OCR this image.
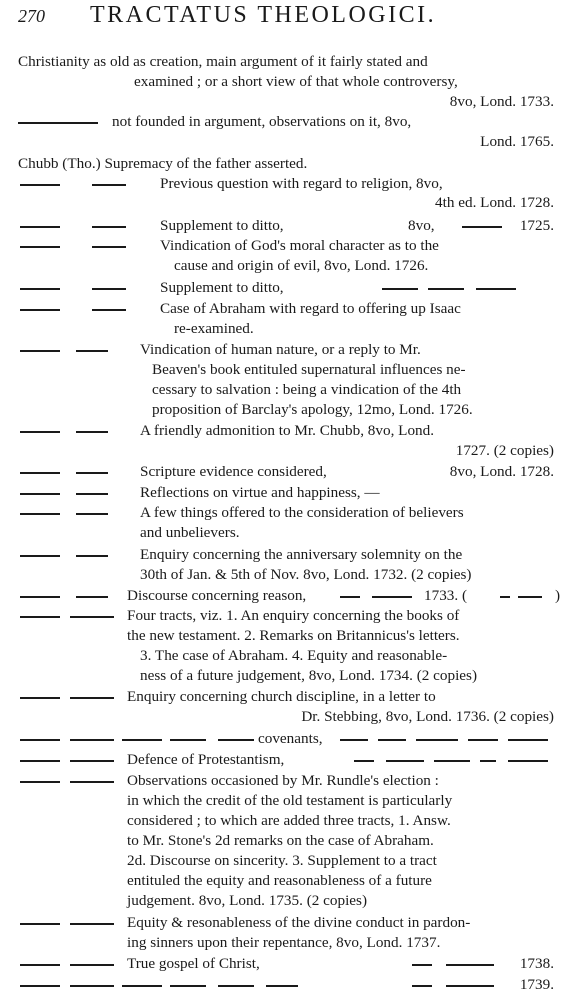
270 TRACTATUS THEOLOGICI.
Christianity as old as creation, main argument of it fairly stated and
examined ; or a short view of that whole controversy,
8vo, Lond. 1733.
not founded in argument, observations on it, 8vo,
Lond. 1765.
Chubb (Tho.) Supremacy of the father asserted.
Previous question with regard to religion, 8vo,
4th ed. Lond. 1728.
Supplement to ditto,	8vo,	1725.
Vindication of God's moral character as to the
cause and origin of evil, 8vo, Lond. 1726.
Supplement to ditto,
Case of Abraham with regard to offering up Isaac
re-examined.
Vindication of human nature, or a reply to Mr.
Beaven's book entituled supernatural influences ne-
cessary to salvation : being a vindication of the 4th
proposition of Barclay's apology, 12mo, Lond. 1726.
A friendly admonition to Mr. Chubb, 8vo, Lond.
1727. (2 copies)
Scripture evidence considered,	8vo, Lond. 1728.
Reflections on virtue and happiness, —
A few things offered to the consideration of believers
and unbelievers.
Enquiry concerning the anniversary solemnity on the
30th of Jan. & 5th of Nov. 8vo, Lond. 1732. (2 copies)
Discourse concerning reason,	1733. (	)
Four tracts, viz. 1. An enquiry concerning the books of
the new testament. 2. Remarks on Britannicus's letters.
3. The case of Abraham. 4. Equity and reasonable-
ness of a future judgement, 8vo, Lond. 1734. (2 copies)
Enquiry concerning church discipline, in a letter to
Dr. Stebbing, 8vo, Lond. 1736. (2 copies)
covenants,
Defence of Protestantism,
Observations occasioned by Mr. Rundle's election :
in which the credit of the old testament is particularly
considered ; to which are added three tracts, 1. Answ.
to Mr. Stone's 2d remarks on the case of Abraham.
2d. Discourse on sincerity. 3. Supplement to a tract
entituled the equity and reasonableness of a future
judgement. 8vo, Lond. 1735. (2 copies)
Equity & resonableness of the divine conduct in pardon-
ing sinners upon their repentance, 8vo, Lond. 1737.
True gospel of Christ,	1738.
1739.
